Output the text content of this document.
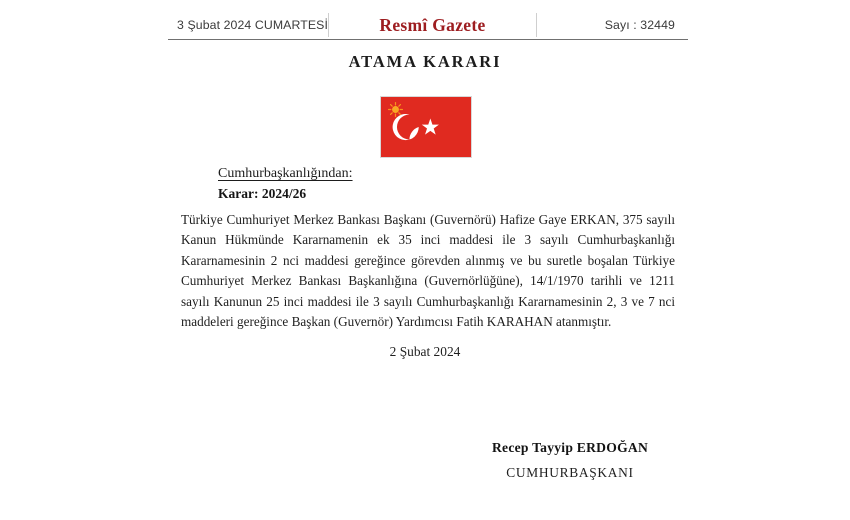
3 Şubat 2024 CUMARTESİ	Resmî Gazete	Sayı : 32449
ATAMA KARARI
Cumhurbaşkanlığından:
Karar: 2024/26
Türkiye Cumhuriyet Merkez Bankası Başkanı (Guvernörü) Hafize Gaye ERKAN, 375 sayılı Kanun Hükmünde Kararnamenin ek 35 inci maddesi ile 3 sayılı Cumhurbaşkanlığı Kararnamesinin 2 nci maddesi gereğince görevden alınmış ve bu suretle boşalan Türkiye Cumhuriyet Merkez Bankası Başkanlığına (Guvernörlüğüne), 14/1/1970 tarihli ve 1211 sayılı Kanunun 25 inci maddesi ile 3 sayılı Cumhurbaşkanlığı Kararnamesinin 2, 3 ve 7 nci maddeleri gereğince Başkan (Guvernör) Yardımcısı Fatih KARAHAN atanmıştır.
2 Şubat 2024
Recep Tayyip ERDOĞAN
CUMHURBAŞKANI
